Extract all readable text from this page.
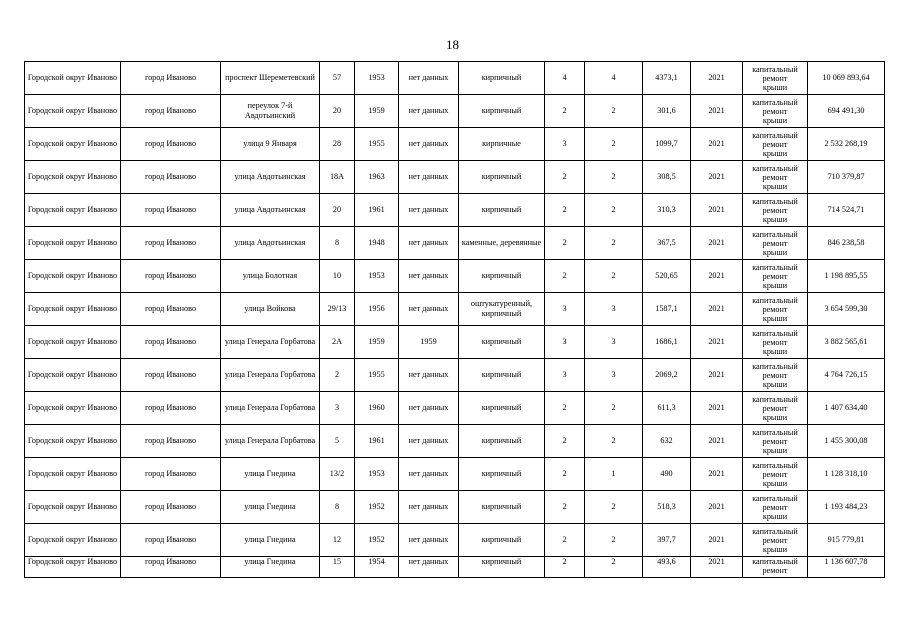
18
Городской округ Иваново	город Иваново	проспект Шереметевский	57	1953	нет данных	кирпичный	4	4	4373,1	2021	капитальный
ремонт
крыши	10 069 893,64
Городской округ Иваново	город Иваново	переулок 7-й Авдотьинский	20	1959	нет данных	кирпичный	2	2	301,6	2021	капитальный
ремонт
крыши	694 491,30
Городской округ Иваново	город Иваново	улица 9 Января	28	1955	нет данных	кирпичные	3	2	1099,7	2021	капитальный
ремонт
крыши	2 532 268,19
Городской округ Иваново	город Иваново	улица Авдотьинская	18А	1963	нет данных	кирпичный	2	2	308,5	2021	капитальный
ремонт
крыши	710 379,87
Городской округ Иваново	город Иваново	улица Авдотьинская	20	1961	нет данных	кирпичный	2	2	310,3	2021	капитальный
ремонт
крыши	714 524,71
Городской округ Иваново	город Иваново	улица Авдотьинская	8	1948	нет данных	каменные, деревянные	2	2	367,5	2021	капитальный
ремонт
крыши	846 238,58
Городской округ Иваново	город Иваново	улица Болотная	10	1953	нет данных	кирпичный	2	2	520,65	2021	капитальный
ремонт
крыши	1 198 895,55
Городской округ Иваново	город Иваново	улица Войкова	29/13	1956	нет данных	оштукатуренный, кирпичный	3	3	1587,1	2021	капитальный
ремонт
крыши	3 654 599,30
Городской округ Иваново	город Иваново	улица Генерала Горбатова	2А	1959	1959	кирпичный	3	3	1686,1	2021	капитальный
ремонт
крыши	3 882 565,61
Городской округ Иваново	город Иваново	улица Генерала Горбатова	2	1955	нет данных	кирпичный	3	3	2069,2	2021	капитальный
ремонт
крыши	4 764 726,15
Городской округ Иваново	город Иваново	улица Генерала Горбатова	3	1960	нет данных	кирпичный	2	2	611,3	2021	капитальный
ремонт
крыши	1 407 634,40
Городской округ Иваново	город Иваново	улица Генерала Горбатова	5	1961	нет данных	кирпичный	2	2	632	2021	капитальный
ремонт
крыши	1 455 300,08
Городской округ Иваново	город Иваново	улица Гнедина	13/2	1953	нет данных	кирпичный	2	1	490	2021	капитальный
ремонт
крыши	1 128 318,10
Городской округ Иваново	город Иваново	улица Гнедина	8	1952	нет данных	кирпичный	2	2	518,3	2021	капитальный
ремонт
крыши	1 193 484,23
Городской округ Иваново	город Иваново	улица Гнедина	12	1952	нет данных	кирпичный	2	2	397,7	2021	капитальный
ремонт
крыши	915 779,81
Городской округ Иваново	город Иваново	улица Гнедина	15	1954	нет данных	кирпичный	2	2	493,6	2021	капитальный
ремонт	1 136 607,78
